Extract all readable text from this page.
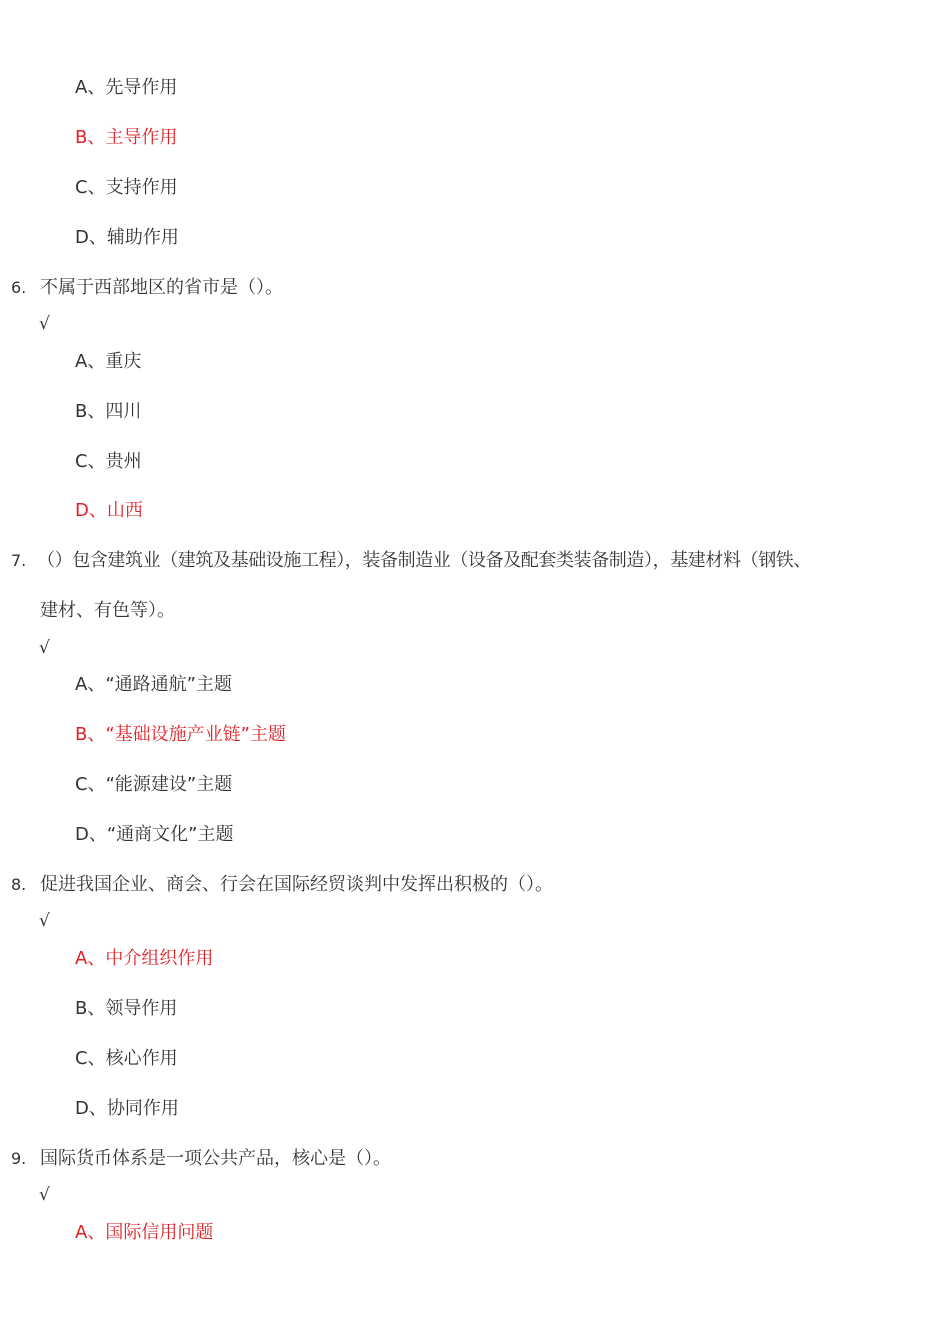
A、先导作用
B、主导作用
C、支持作用
D、辅助作用
6. 不属于西部地区的省市是（）。
√
A、重庆
B、四川
C、贵州
D、山西
7. （）包含建筑业（建筑及基础设施工程），装备制造业（设备及配套类装备制造），基建材料（钢铁、
建材、有色等）。
√
A、“通路通航”主题
B、“基础设施产业链”主题
C、“能源建设”主题
D、“通商文化”主题
8. 促进我国企业、商会、行会在国际经贸谈判中发挥出积极的（）。
√
A、中介组织作用
B、领导作用
C、核心作用
D、协同作用
9. 国际货币体系是一项公共产品，核心是（）。
√
A、国际信用问题
